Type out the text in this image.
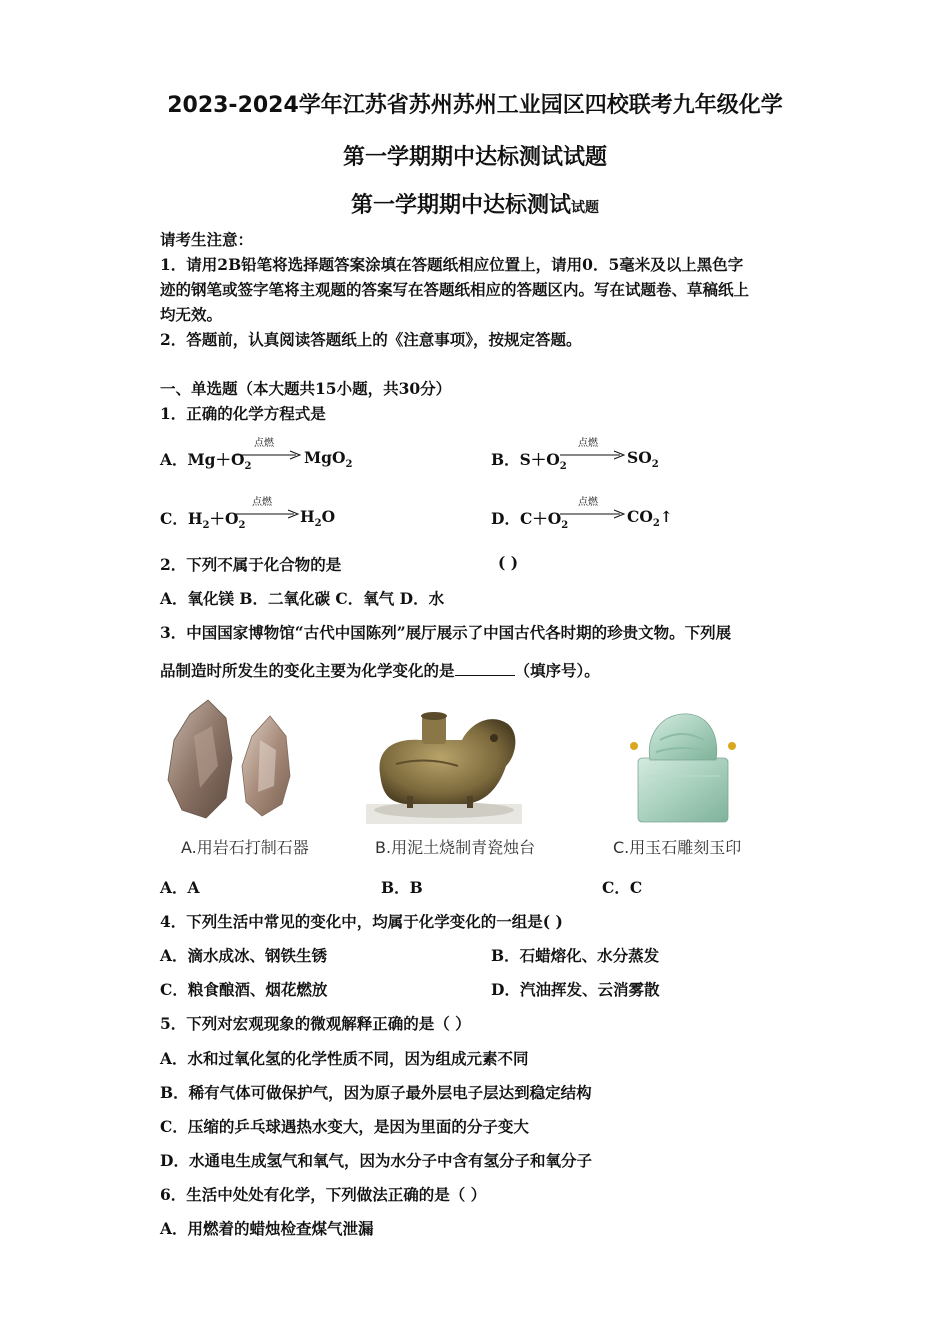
2023-2024学年江苏省苏州苏州工业园区四校联考九年级化学
第一学期期中达标测试试题
第一学期期中达标测试试题
请考生注意：
1．请用2B铅笔将选择题答案涂填在答题纸相应位置上，请用0．5毫米及以上黑色字
迹的钢笔或签字笔将主观题的答案写在答题纸相应的答题区内。写在试题卷、草稿纸上
均无效。
2．答题前，认真阅读答题纸上的《注意事项》，按规定答题。
一、单选题（本大题共15小题，共30分）
1．正确的化学方程式是
A．$Mg+O_2$
点燃
MgO$_2$	B．$S+O_2$
点燃
$SO_2$
C．$H_2+O_2$
点燃
$H_2O$	D．$C+O_2$
点燃
$CO_2↑$
2．下列不属于化合物的是	( )
A．氧化镁 B．二氧化碳 C．氧气 D．水
3．中国国家博物馆“古代中国陈列”展厅展示了中国古代各时期的珍贵文物。下列展
品制造时所发生的变化主要为化学变化的是	（填序号）。
A.用岩石打制石器	B.用泥土烧制青瓷烛台	C.用玉石雕刻玉印
A．A	B．B	C．C
4．下列生活中常见的变化中，均属于化学变化的一组是( )
A．滴水成冰、钢铁生锈	B．石蜡熔化、水分蒸发
C．粮食酿酒、烟花燃放	D．汽油挥发、云消雾散
5．下列对宏观现象的微观解释正确的是（ ）
A．水和过氧化氢的化学性质不同，因为组成元素不同
B．稀有气体可做保护气，因为原子最外层电子层达到稳定结构
C．压缩的乒乓球遇热水变大，是因为里面的分子变大
D．水通电生成氢气和氧气，因为水分子中含有氢分子和氧分子
6．生活中处处有化学，下列做法正确的是（ ）
A．用燃着的蜡烛检查煤气泄漏
